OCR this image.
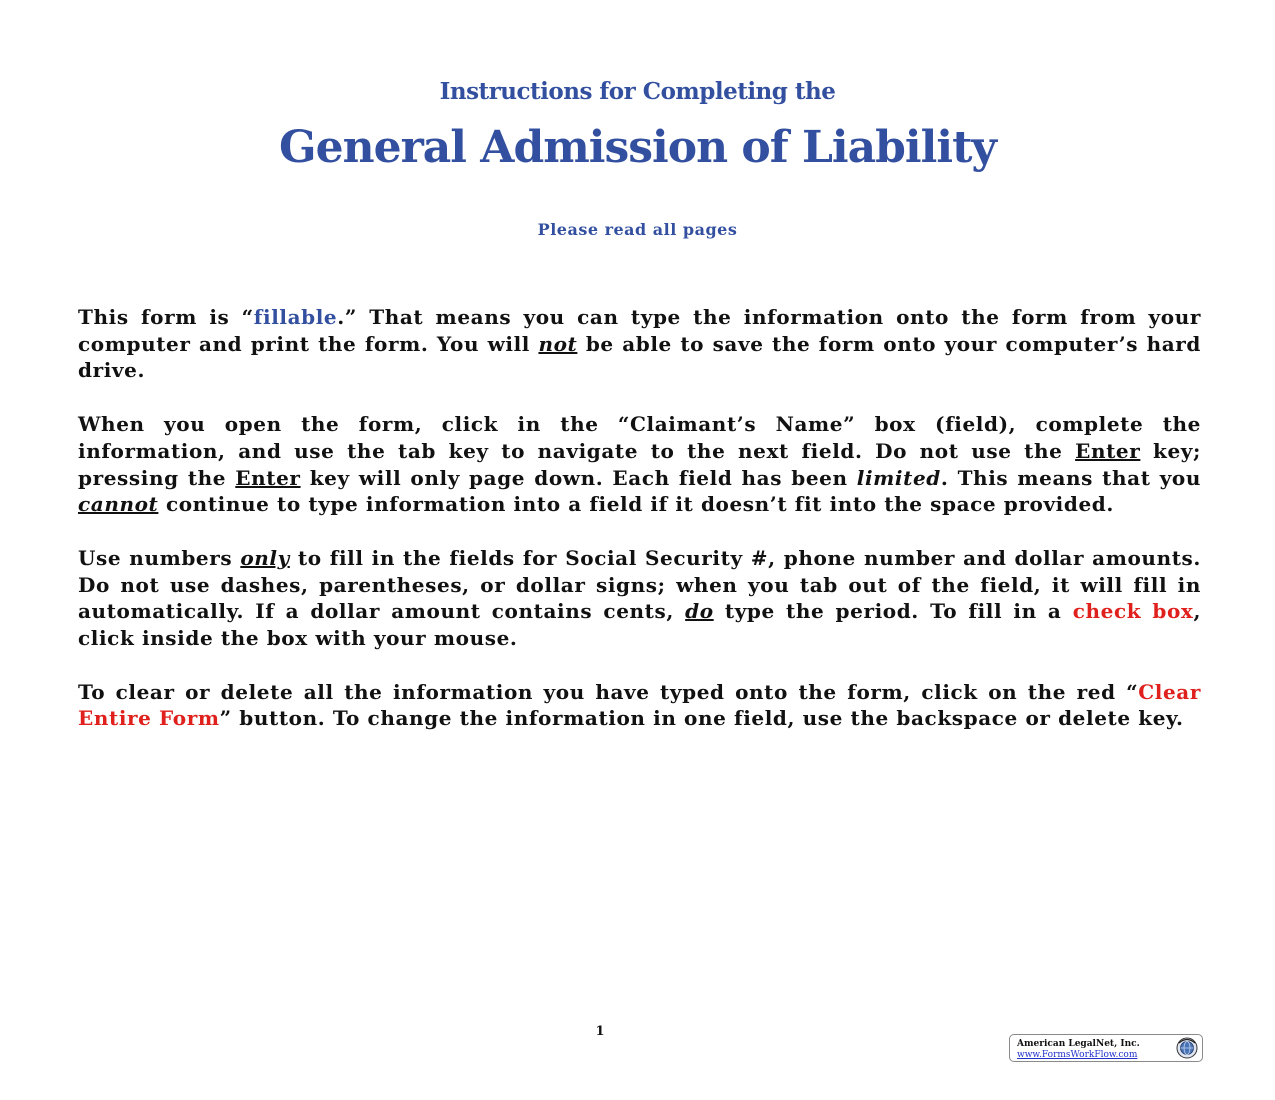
Instructions for Completing the
General Admission of Liability
Please read all pages

This form is “fillable.” That means you can type the information onto the form from your computer and print the form. You will not be able to save the form onto your computer’s hard drive.

When you open the form, click in the “Claimant’s Name” box (field), complete the information, and use the tab key to navigate to the next field. Do not use the Enter key; pressing the Enter key will only page down. Each field has been limited. This means that you cannot continue to type information into a field if it doesn’t fit into the space provided.

Use numbers only to fill in the fields for Social Security #, phone number and dollar amounts. Do not use dashes, parentheses, or dollar signs; when you tab out of the field, it will fill in automatically. If a dollar amount contains cents, do type the period. To fill in a check box, click inside the box with your mouse.

To clear or delete all the information you have typed onto the form, click on the red “Clear Entire Form” button. To change the information in one field, use the backspace or delete key.

1
American LegalNet, Inc.
www.FormsWorkFlow.com
